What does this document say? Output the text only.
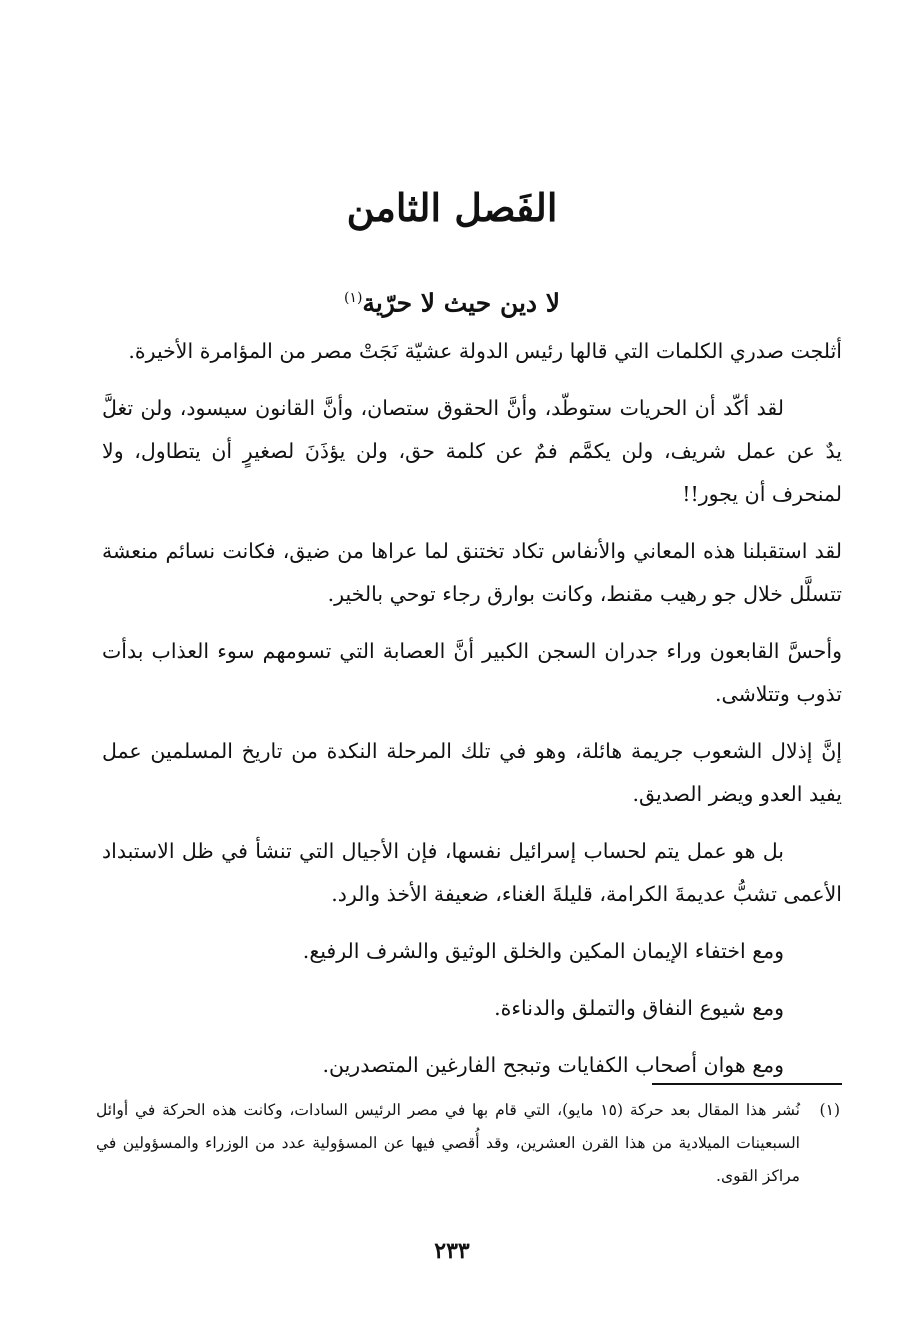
الفَصل الثامن
لا دين حيث لا حرّية$^{(١)}$

أثلجت صدري الكلمات التي قالها رئيس الدولة عشيّة نَجَتْ مصر من المؤامرة الأخيرة.

لقد أكّد أن الحريات ستوطّد، وأنَّ الحقوق ستصان، وأنَّ القانون سيسود، ولن تغلَّ يدٌ عن عمل شريف، ولن يكمَّم فمٌ عن كلمة حق، ولن يؤذَنَ لصغيرٍ أن يتطاول، ولا لمنحرف أن يجور!!

لقد استقبلنا هذه المعاني والأنفاس تكاد تختنق لما عراها من ضيق، فكانت نسائم منعشة تتسلَّل خلال جو رهيب مقنط، وكانت بوارق رجاء توحي بالخير.

وأحسَّ القابعون وراء جدران السجن الكبير أنَّ العصابة التي تسومهم سوء العذاب بدأت تذوب وتتلاشى.

إنَّ إذلال الشعوب جريمة هائلة، وهو في تلك المرحلة النكدة من تاريخ المسلمين عمل يفيد العدو ويضر الصديق.

بل هو عمل يتم لحساب إسرائيل نفسها، فإن الأجيال التي تنشأ في ظل الاستبداد الأعمى تشبُّ عديمةَ الكرامة، قليلةَ الغناء، ضعيفة الأخذ والرد.

ومع اختفاء الإيمان المكين والخلق الوثيق والشرف الرفيع.

ومع شيوع النفاق والتملق والدناءة.

ومع هوان أصحاب الكفايات وتبجح الفارغين المتصدرين.

(١)
نُشر هذا المقال بعد حركة (١٥ مايو)، التي قام بها في مصر الرئيس السادات، وكانت هذه الحركة في أوائل السبعينات الميلادية من هذا القرن العشرين، وقد أُقصي فيها عن المسؤولية عدد من الوزراء والمسؤولين في مراكز القوى.
٢٣٣
